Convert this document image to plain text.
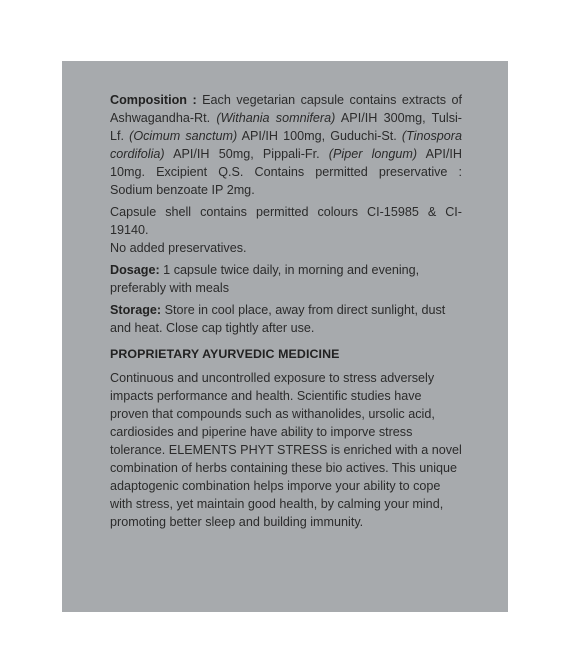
Composition : Each vegetarian capsule contains extracts of Ashwagandha-Rt. (Withania somnifera) API/IH 300mg, Tulsi- Lf. (Ocimum sanctum) API/IH 100mg, Guduchi-St. (Tinospora cordifolia) API/IH 50mg, Pippali-Fr. (Piper longum) API/IH 10mg. Excipient Q.S. Contains permitted preservative : Sodium benzoate IP 2mg.

Capsule shell contains permitted colours CI-15985 & CI-19140.

No added preservatives.

Dosage: 1 capsule twice daily, in morning and evening, preferably with meals

Storage: Store in cool place, away from direct sunlight, dust and heat. Close cap tightly after use.

PROPRIETARY AYURVEDIC MEDICINE

Continuous and uncontrolled exposure to stress adversely impacts performance and health. Scientific studies have proven that compounds such as withanolides, ursolic acid, cardiosides and piperine have ability to imporve stress tolerance. ELEMENTS PHYT STRESS is enriched with a novel combination of herbs containing these bio actives. This unique adaptogenic combination helps imporve your ability to cope with stress, yet maintain good health, by calming your mind, promoting better sleep and building immunity.
